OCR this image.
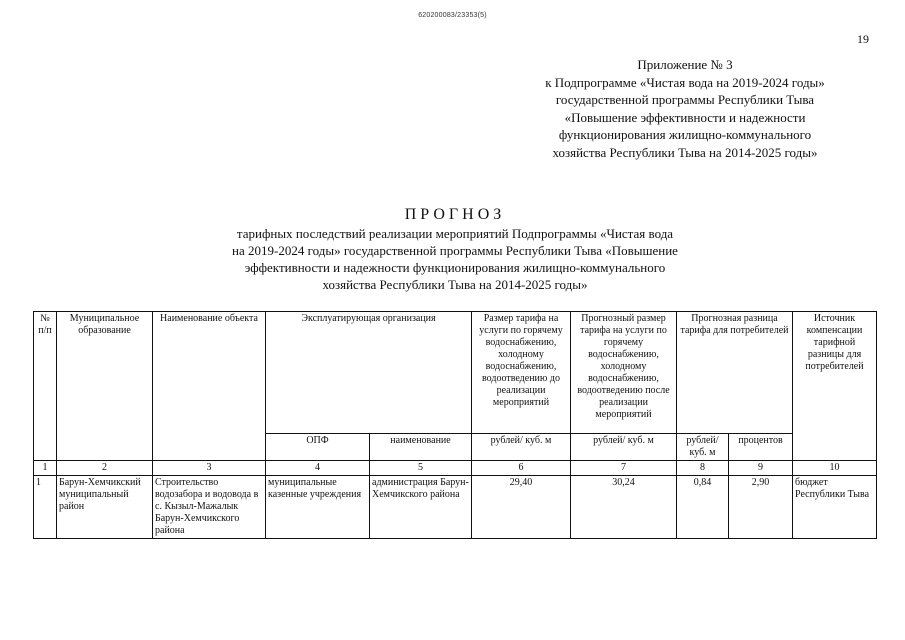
620200083/23353(5)
19
Приложение № 3
к Подпрограмме «Чистая вода на 2019-2024 годы»
государственной программы Республики Тыва
«Повышение эффективности и надежности
функционирования жилищно-коммунального
хозяйства Республики Тыва на 2014-2025 годы»
ПРОГНОЗ
тарифных последствий реализации мероприятий Подпрограммы «Чистая вода
на 2019-2024 годы» государственной программы Республики Тыва «Повышение
эффективности и надежности функционирования жилищно-коммунального
хозяйства Республики Тыва на 2014-2025 годы»
№ п/п	Муниципальное образование	Наименование объекта	Эксплуатирующая организация		Размер тарифа на услуги по горячему водоснабжению, холодному водоснабжению, водоотведению до реализации мероприятий	Прогнозный размер тарифа на услуги по горячему водоснабжению, холодному водоснабжению, водоотведению после реализации мероприятий	Прогнозная разница тарифа для потребителей		Источник компенсации тарифной разницы для потребителей
			ОПФ	наименование	рублей/ куб. м	рублей/ куб. м	рублей/ куб. м	процентов	
1	2	3	4	5	6	7	8	9	10
1	Барун-Хемчикский муниципальный район	Строительство водозабора и водовода в с. Кызыл-Мажалык Барун-Хемчикского района	муниципальные казенные учреждения	администрация Барун-Хемчикского района	29,40	30,24	0,84	2,90	бюджет Республики Тыва
